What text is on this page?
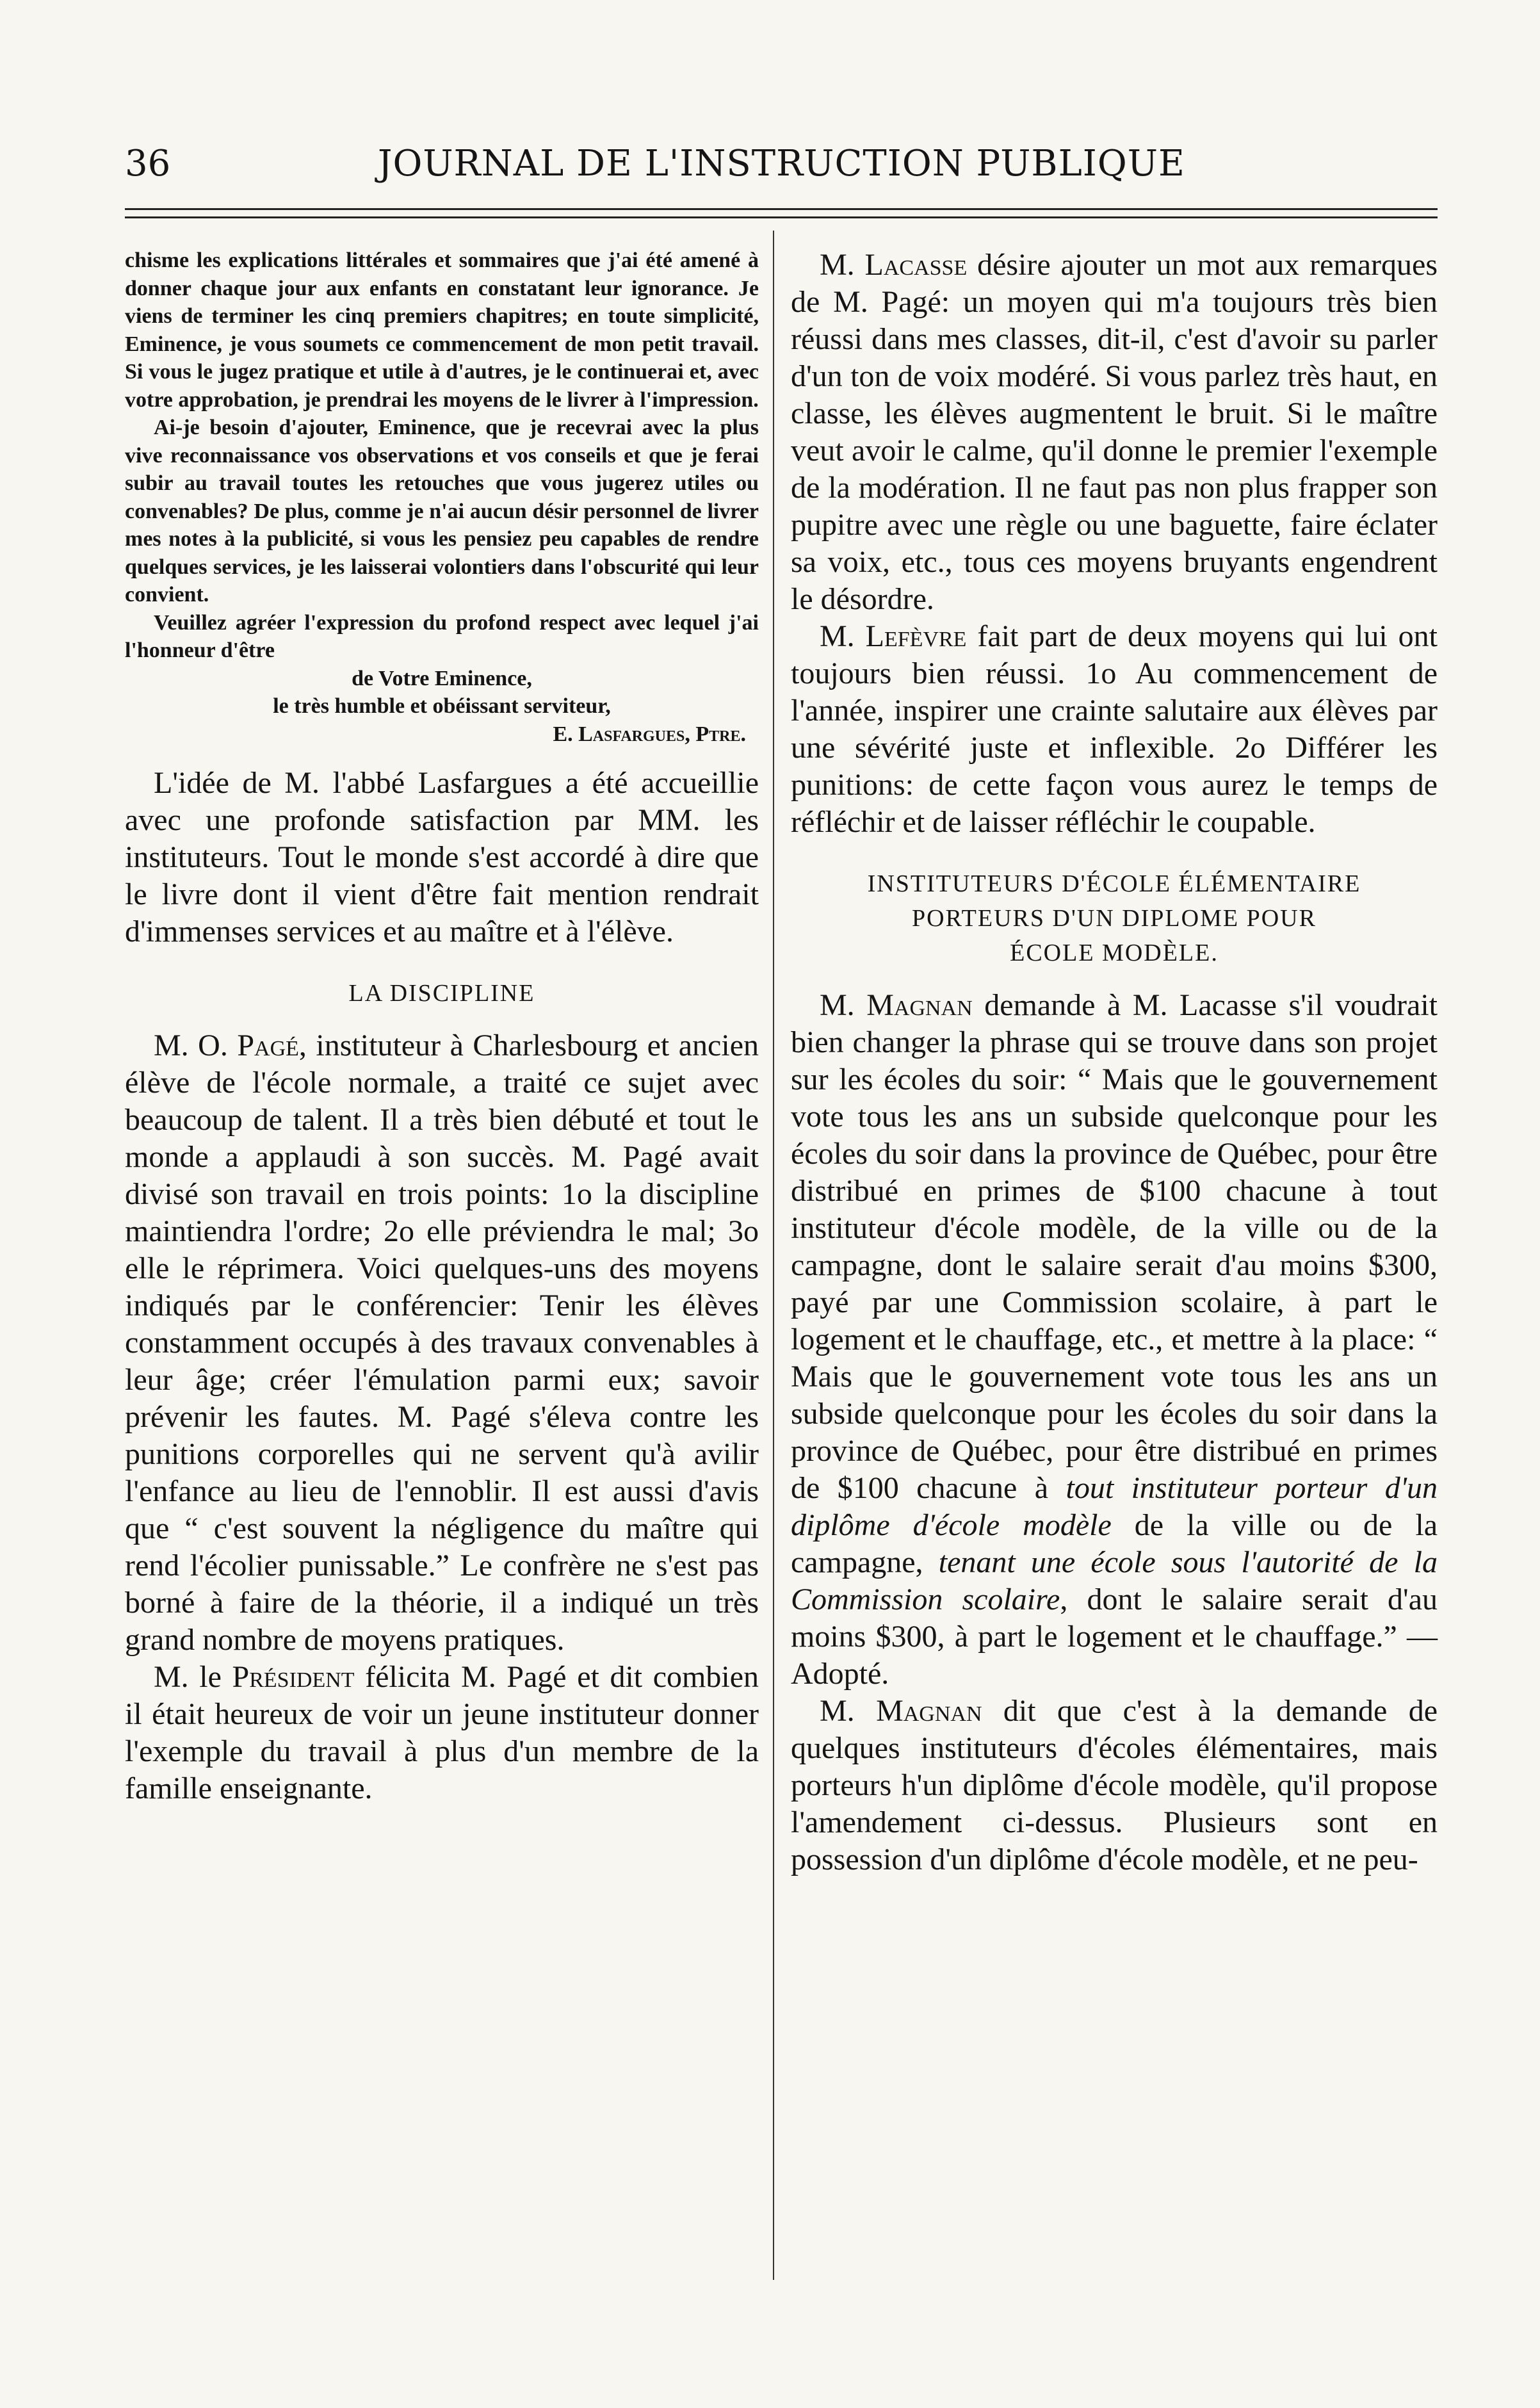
36	JOURNAL DE L'INSTRUCTION PUBLIQUE

chisme les explications littérales et sommaires que j'ai été amené à donner chaque jour aux enfants en constatant leur ignorance. Je viens de terminer les cinq premiers chapitres; en toute simplicité, Eminence, je vous soumets ce commencement de mon petit travail. Si vous le jugez pratique et utile à d'autres, je le continuerai et, avec votre approbation, je prendrai les moyens de le livrer à l'impression.

Ai-je besoin d'ajouter, Eminence, que je recevrai avec la plus vive reconnaissance vos observations et vos conseils et que je ferai subir au travail toutes les retouches que vous jugerez utiles ou convenables? De plus, comme je n'ai aucun désir personnel de livrer mes notes à la publicité, si vous les pensiez peu capables de rendre quelques services, je les laisserai volontiers dans l'obscurité qui leur convient.

Veuillez agréer l'expression du profond respect avec lequel j'ai l'honneur d'être

de Votre Eminence,

le très humble et obéissant serviteur,

E. Lasfargues, Ptre.

L'idée de M. l'abbé Lasfargues a été accueillie avec une profonde satisfaction par MM. les instituteurs. Tout le monde s'est accordé à dire que le livre dont il vient d'être fait mention rendrait d'immenses services et au maître et à l'élève.

LA DISCIPLINE

M. O. Pagé, instituteur à Charlesbourg et ancien élève de l'école normale, a traité ce sujet avec beaucoup de talent. Il a très bien débuté et tout le monde a applaudi à son succès. M. Pagé avait divisé son travail en trois points: 1o la discipline maintiendra l'ordre; 2o elle préviendra le mal; 3o elle le réprimera. Voici quelques-uns des moyens indiqués par le conférencier: Tenir les élèves constamment occupés à des travaux convenables à leur âge; créer l'émulation parmi eux; savoir prévenir les fautes. M. Pagé s'éleva contre les punitions corporelles qui ne servent qu'à avilir l'enfance au lieu de l'ennoblir. Il est aussi d'avis que “ c'est souvent la négligence du maître qui rend l'écolier punissable.” Le confrère ne s'est pas borné à faire de la théorie, il a indiqué un très grand nombre de moyens pratiques.

M. le Président félicita M. Pagé et dit combien il était heureux de voir un jeune instituteur donner l'exemple du travail à plus d'un membre de la famille enseignante.

M. Lacasse désire ajouter un mot aux remarques de M. Pagé: un moyen qui m'a toujours très bien réussi dans mes classes, dit-il, c'est d'avoir su parler d'un ton de voix modéré. Si vous parlez très haut, en classe, les élèves augmentent le bruit. Si le maître veut avoir le calme, qu'il donne le premier l'exemple de la modération. Il ne faut pas non plus frapper son pupitre avec une règle ou une baguette, faire éclater sa voix, etc., tous ces moyens bruyants engendrent le désordre.

M. Lefèvre fait part de deux moyens qui lui ont toujours bien réussi. 1o Au commencement de l'année, inspirer une crainte salutaire aux élèves par une sévérité juste et inflexible. 2o Différer les punitions: de cette façon vous aurez le temps de réfléchir et de laisser réfléchir le coupable.

INSTITUTEURS D'ÉCOLE ÉLÉMENTAIRE
PORTEURS D'UN DIPLOME POUR
ÉCOLE MODÈLE.

M. Magnan demande à M. Lacasse s'il voudrait bien changer la phrase qui se trouve dans son projet sur les écoles du soir: “ Mais que le gouvernement vote tous les ans un subside quelconque pour les écoles du soir dans la province de Québec, pour être distribué en primes de $100 chacune à tout instituteur d'école modèle, de la ville ou de la campagne, dont le salaire serait d'au moins $300, payé par une Commission scolaire, à part le logement et le chauffage, etc., et mettre à la place: “ Mais que le gouvernement vote tous les ans un subside quelconque pour les écoles du soir dans la province de Québec, pour être distribué en primes de $100 chacune à tout instituteur porteur d'un diplôme d'école modèle de la ville ou de la campagne, tenant une école sous l'autorité de la Commission scolaire, dont le salaire serait d'au moins $300, à part le logement et le chauffage.” — Adopté.

M. Magnan dit que c'est à la demande de quelques instituteurs d'écoles élémentaires, mais porteurs h'un diplôme d'école modèle, qu'il propose l'amendement ci-dessus. Plusieurs sont en possession d'un diplôme d'école modèle, et ne peu-
